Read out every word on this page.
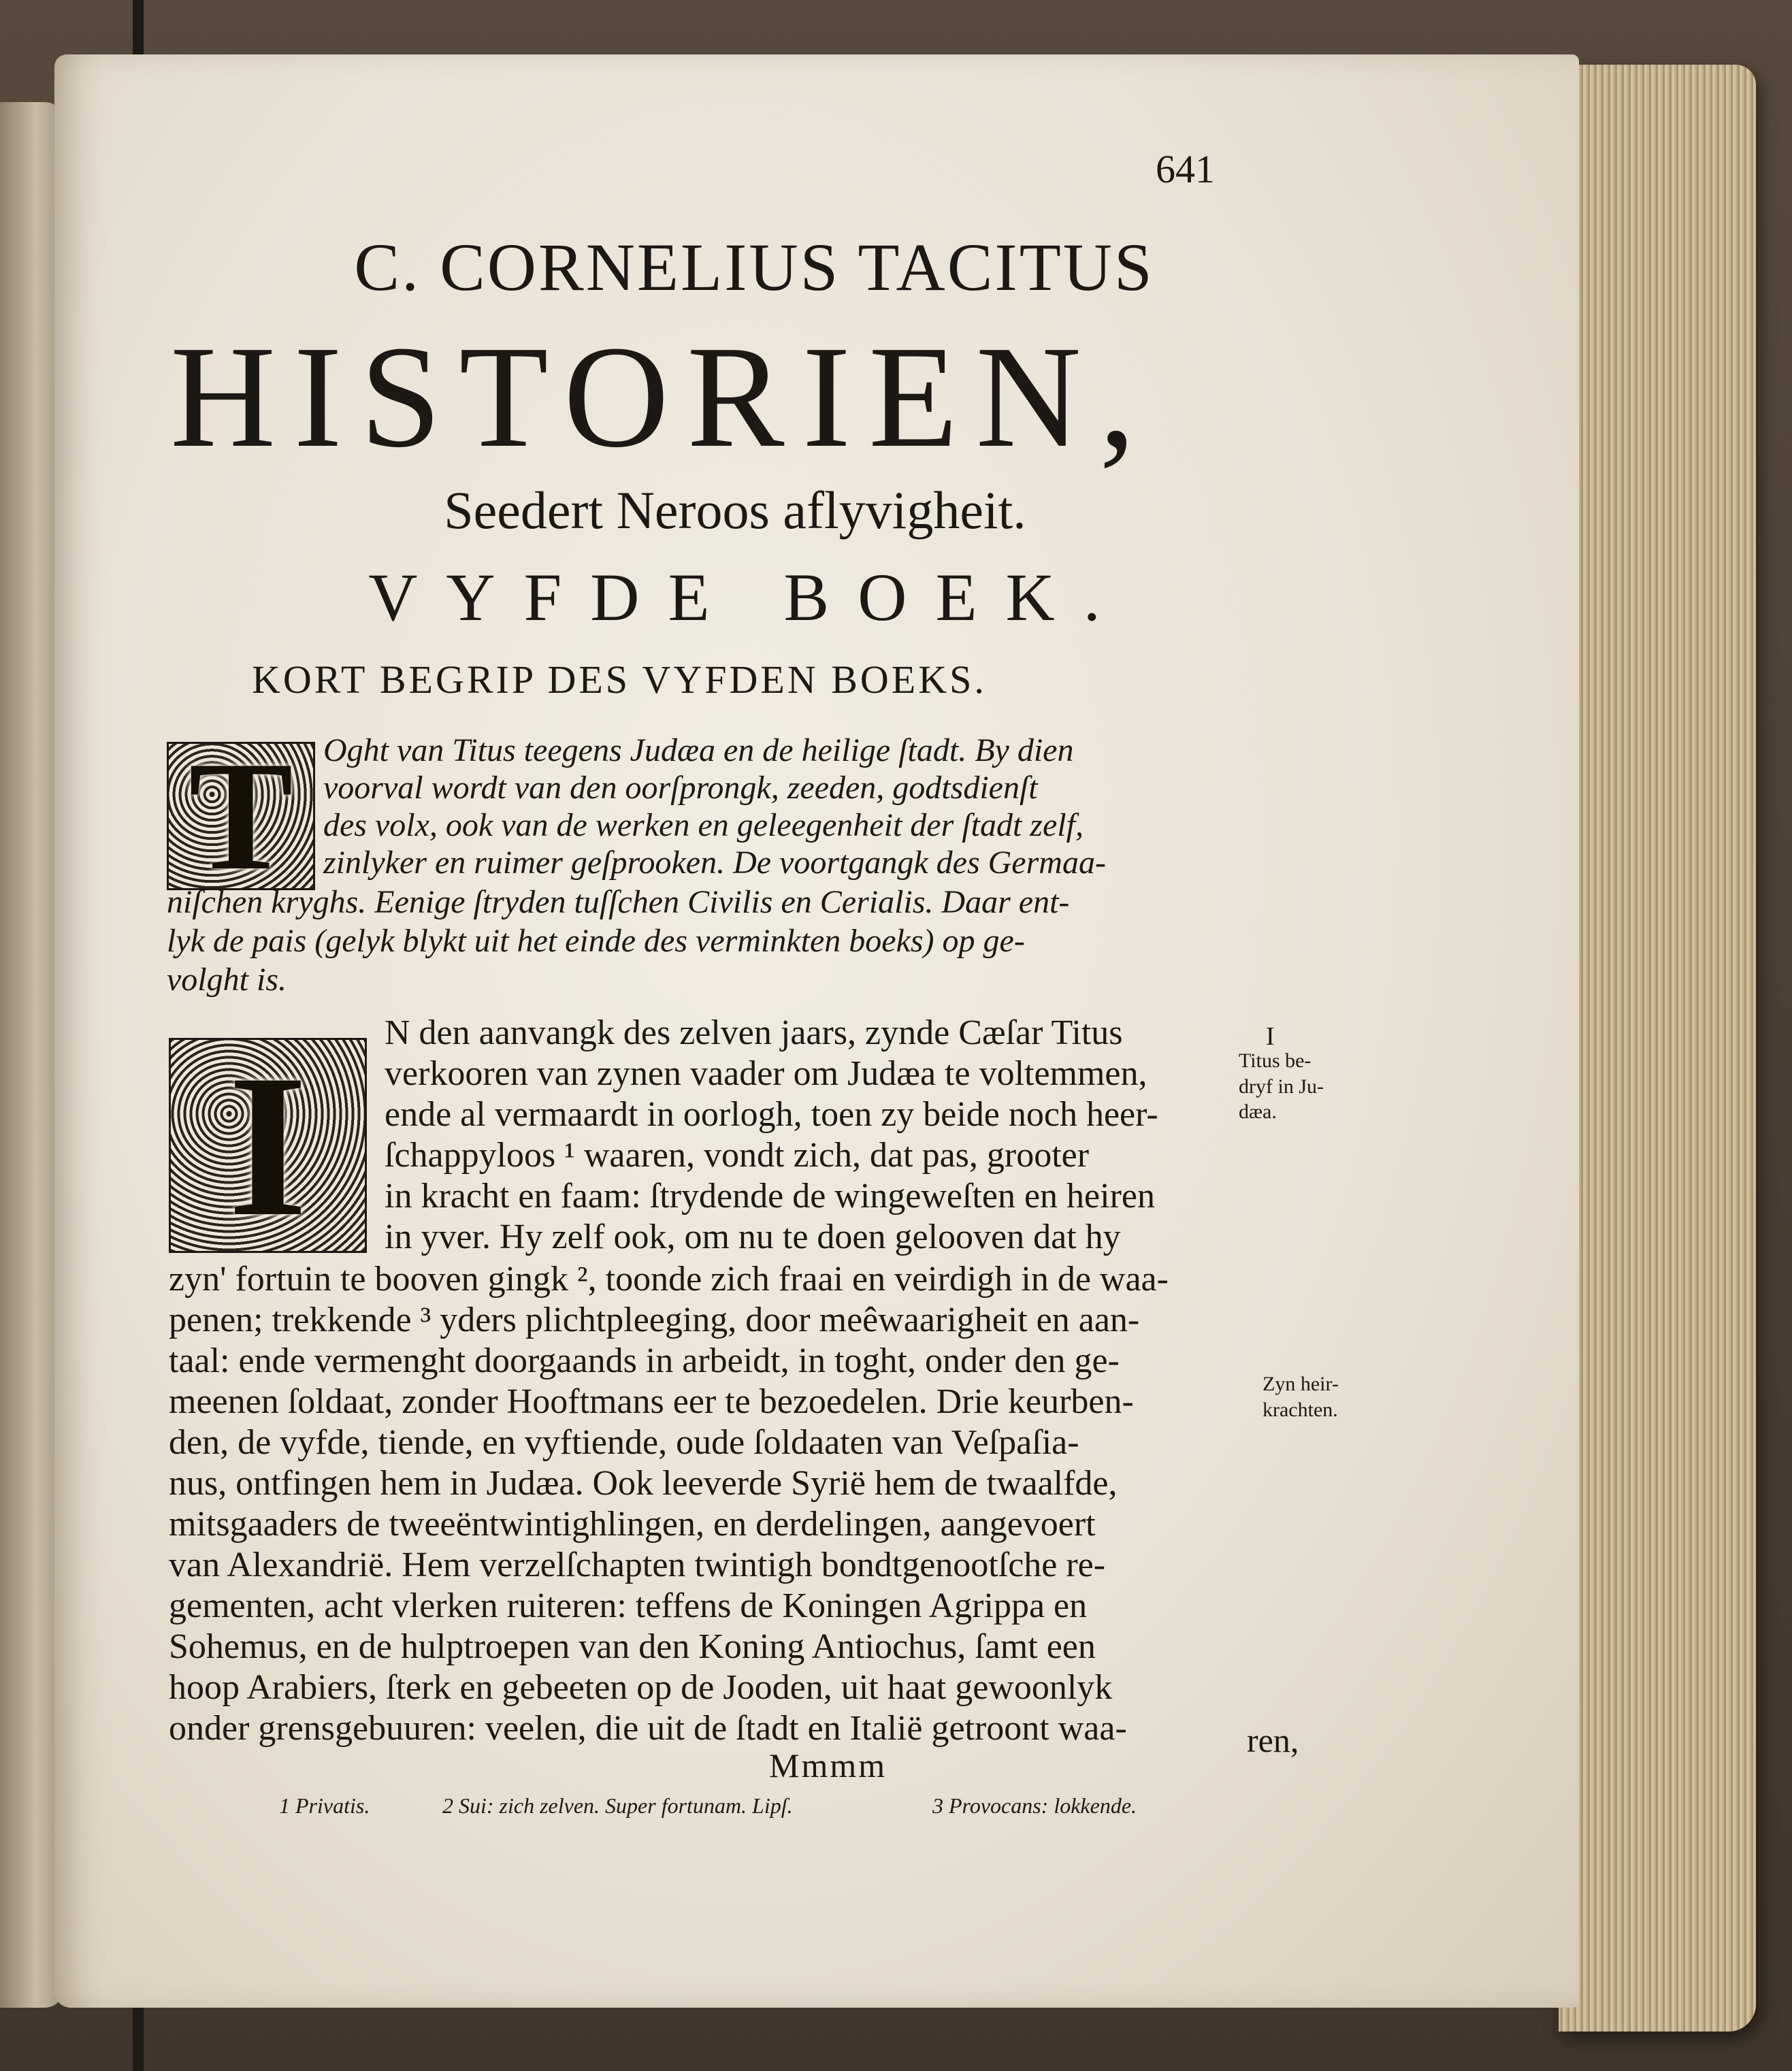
641
C. CORNELIUS TACITUS
HISTORIEN,
Seedert Neroos aflyvigheit.
VYFDE BOEK.
KORT BEGRIP DES VYFDEN BOEKS.
T Oght van Titus teegens Judæa en de heilige ſtadt. By dien
voorval wordt van den oorſprongk, zeeden, godtsdienſt
des volx, ook van de werken en geleegenheit der ſtadt zelf,
zinlyker en ruimer geſprooken. De voortgangk des Germaa-
niſchen kryghs. Eenige ſtryden tuſſchen Civilis en Cerialis. Daar ent-
lyk de pais (gelyk blykt uit het einde des verminkten boeks) op ge-
volght is.
I N den aanvangk des zelven jaars, zynde Cæſar Titus
verkooren van zynen vaader om Judæa te voltemmen,
ende al vermaardt in oorlogh, toen zy beide noch heer-
ſchappyloos ¹ waaren, vondt zich, dat pas, grooter
in kracht en faam: ſtrydende de wingeweſten en heiren
in yver. Hy zelf ook, om nu te doen gelooven dat hy
zyn' fortuin te booven gingk ², toonde zich fraai en veirdigh in de waa-
penen; trekkende ³ yders plichtpleeging, door meêwaarigheit en aan-
taal: ende vermenght doorgaands in arbeidt, in toght, onder den ge-
meenen ſoldaat, zonder Hooftmans eer te bezoedelen. Drie keurben-
den, de vyfde, tiende, en vyftiende, oude ſoldaaten van Veſpaſia-
nus, ontfingen hem in Judæa. Ook leeverde Syrië hem de twaalfde,
mitsgaaders de tweeëntwintighlingen, en derdelingen, aangevoert
van Alexandrië. Hem verzelſchapten twintigh bondtgenootſche re-
gementen, acht vlerken ruiteren: teffens de Koningen Agrippa en
Sohemus, en de hulptroepen van den Koning Antiochus, ſamt een
hoop Arabiers, ſterk en gebeeten op de Jooden, uit haat gewoonlyk
onder grensgebuuren: veelen, die uit de ſtadt en Italië getroont waa-	ren,
Mmmm
I
Titus be-
dryf in Ju-
dæa.
Zyn heir-
krachten.
1 Privatis.	2 Sui: zich zelven. Super fortunam. Lipſ.	3 Provocans: lokkende.
